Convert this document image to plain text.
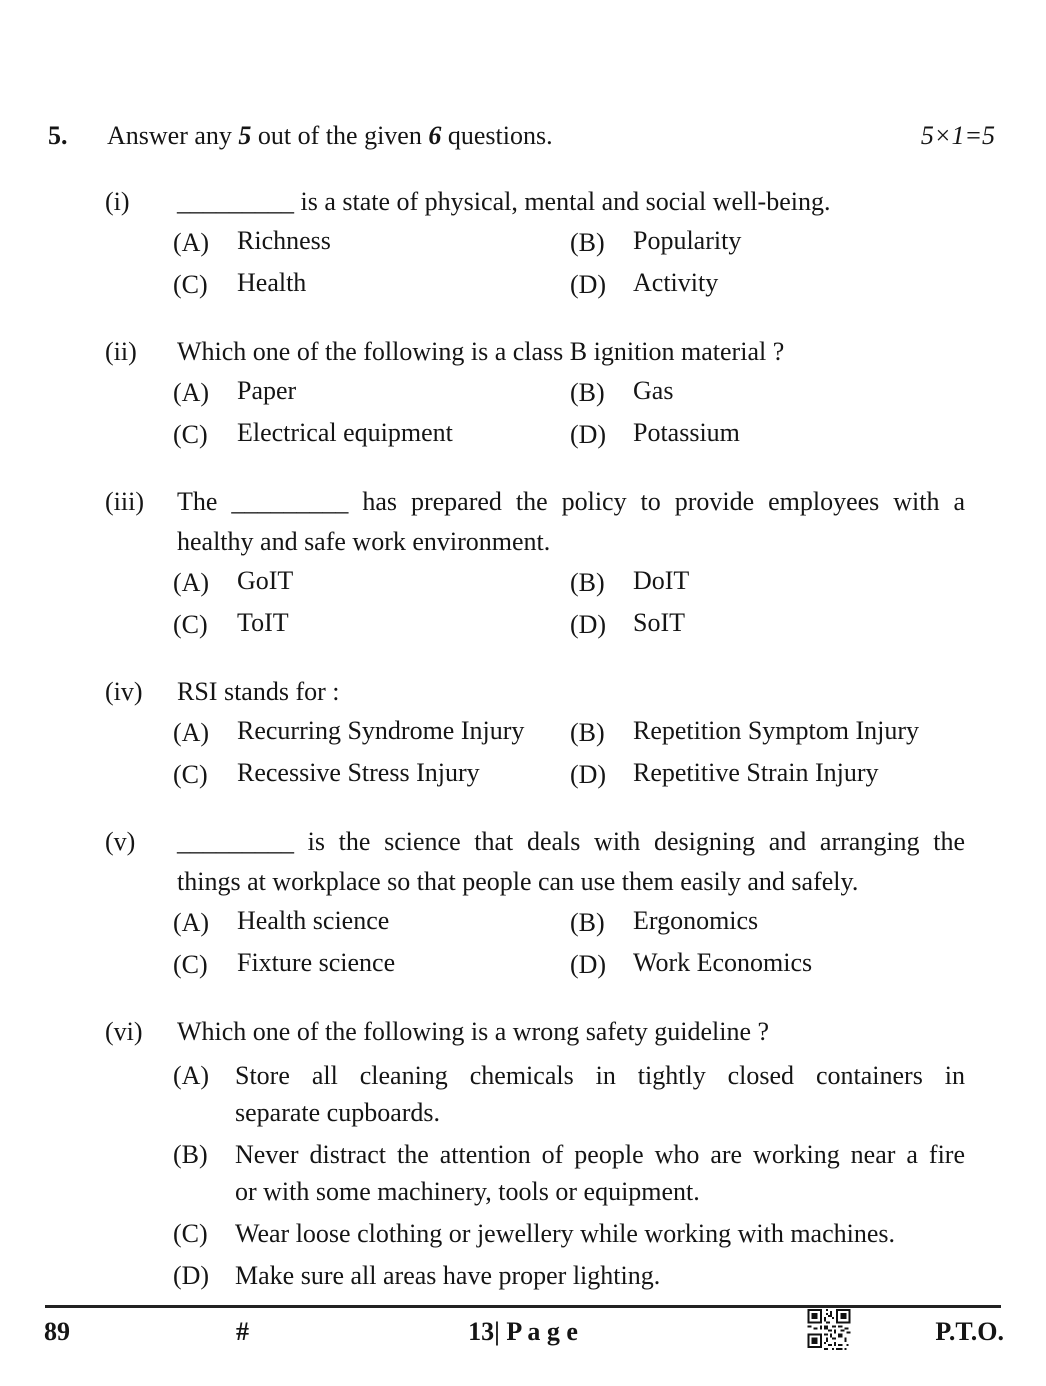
5.	Answer any 5 out of the given 6 questions.	5×1=5
(i) _________ is a state of physical, mental and social well-being.
(A)	Richness	(B)	Popularity
(C)	Health	(D)	Activity
(ii) Which one of the following is a class B ignition material ?
(A)	Paper	(B)	Gas
(C)	Electrical equipment	(D)	Potassium
(iii) The _________ has prepared the policy to provide employees with a
healthy and safe work environment.
(A)	GoIT	(B)	DoIT
(C)	ToIT	(D)	SoIT
(iv) RSI stands for :
(A)	Recurring Syndrome Injury	(B)	Repetition Symptom Injury
(C)	Recessive Stress Injury	(D)	Repetitive Strain Injury
(v) _________ is the science that deals with designing and arranging the
things at workplace so that people can use them easily and safely.
(A)	Health science	(B)	Ergonomics
(C)	Fixture science	(D)	Work Economics
(vi) Which one of the following is a wrong safety guideline ?
(A) Store all cleaning chemicals in tightly closed containers in
separate cupboards.
(B)	Never distract the attention of people who are working near a fire
or with some machinery, tools or equipment.
(C)	Wear loose clothing or jewellery while working with machines.
(D) Make sure all areas have proper lighting.
89	#	13| P a g e	P.T.O.
